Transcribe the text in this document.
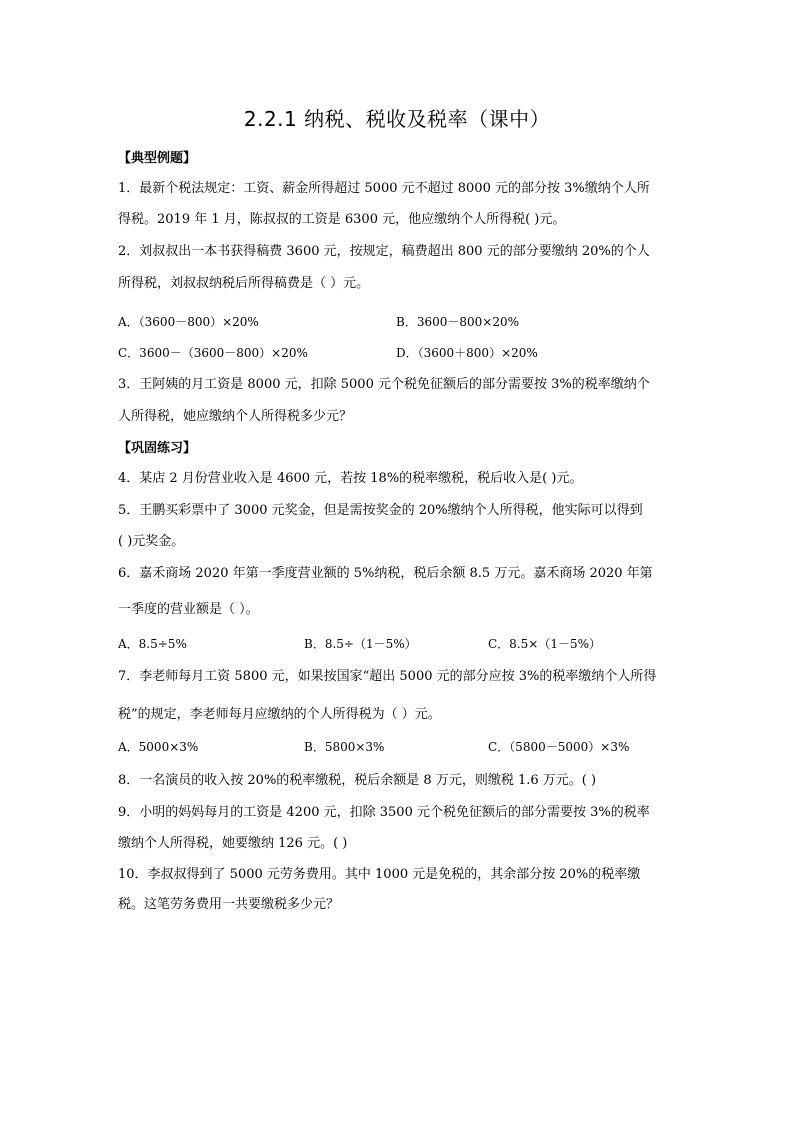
2.2.1 纳税、税收及税率（课中）
【典型例题】
1．最新个税法规定：工资、薪金所得超过 5000 元不超过 8000 元的部分按 3%缴纳个人所
得税。2019 年 1 月，陈叔叔的工资是 6300 元，他应缴纳个人所得税( )元。
2．刘叔叔出一本书获得稿费 3600 元，按规定，稿费超出 800 元的部分要缴纳 20%的个人
所得税，刘叔叔纳税后所得稿费是（ ）元。
A．（3600－800）×20%	B．3600－800×20%
C．3600－（3600－800）×20%	D．（3600＋800）×20%
3．王阿姨的月工资是 8000 元，扣除 5000 元个税免征额后的部分需要按 3%的税率缴纳个
人所得税，她应缴纳个人所得税多少元？
【巩固练习】
4．某店 2 月份营业收入是 4600 元，若按 18%的税率缴税，税后收入是( )元。
5．王鹏买彩票中了 3000 元奖金，但是需按奖金的 20%缴纳个人所得税，他实际可以得到
( )元奖金。
6．嘉禾商场 2020 年第一季度营业额的 5%纳税，税后余额 8.5 万元。嘉禾商场 2020 年第
一季度的营业额是（ ）。
A．8.5÷5%	B．8.5÷（1－5%）	C．8.5×（1－5%）
7．李老师每月工资 5800 元，如果按国家“超出 5000 元的部分应按 3%的税率缴纳个人所得
税”的规定，李老师每月应缴纳的个人所得税为（ ）元。
A．5000×3%	B．5800×3%	C．（5800－5000）×3%
8．一名演员的收入按 20%的税率缴税，税后余额是 8 万元，则缴税 1.6 万元。( )
9．小明的妈妈每月的工资是 4200 元，扣除 3500 元个税免征额后的部分需要按 3%的税率
缴纳个人所得税，她要缴纳 126 元。( )
10．李叔叔得到了 5000 元劳务费用。其中 1000 元是免税的，其余部分按 20%的税率缴
税。这笔劳务费用一共要缴税多少元？
